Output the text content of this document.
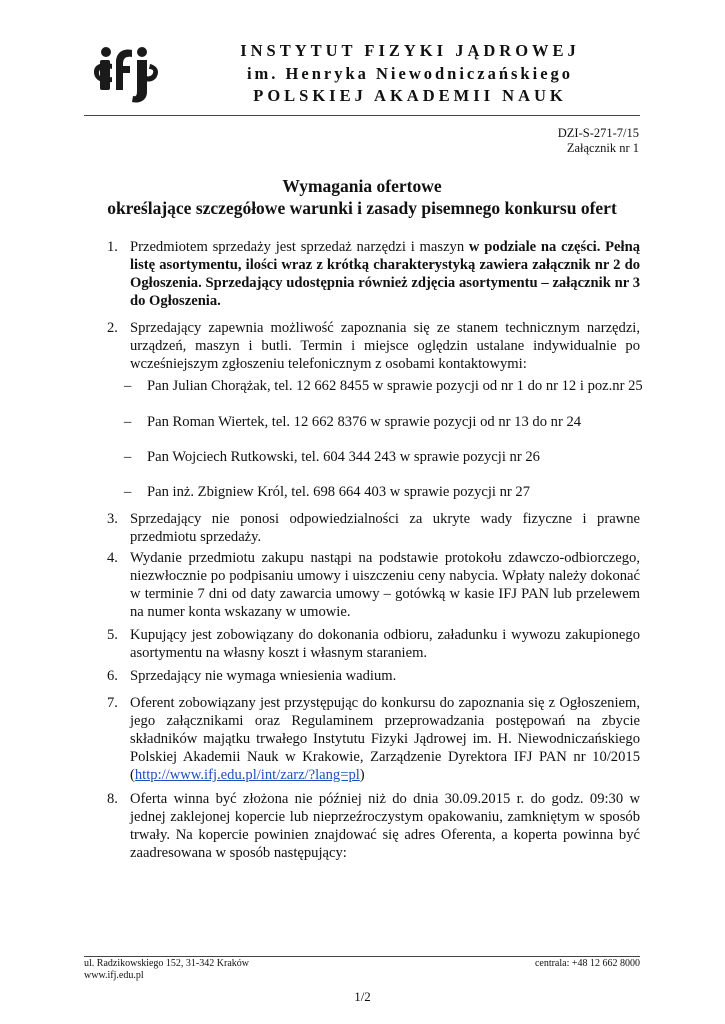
INSTYTUT FIZYKI JĄDROWEJ
im. Henryka Niewodniczańskiego
POLSKIEJ AKADEMII NAUK
DZI-S-271-7/15
Załącznik nr 1
Wymagania ofertowe
określające szczegółowe warunki i zasady pisemnego konkursu ofert
1. Przedmiotem sprzedaży jest sprzedaż narzędzi i maszyn w podziale na części. Pełną listę asortymentu, ilości wraz z krótką charakterystyką zawiera załącznik nr 2 do Ogłoszenia. Sprzedający udostępnia również zdjęcia asortymentu – załącznik nr 3 do Ogłoszenia.
2. Sprzedający zapewnia możliwość zapoznania się ze stanem technicznym narzędzi, urządzeń, maszyn i butli. Termin i miejsce oględzin ustalane indywidualnie po wcześniejszym zgłoszeniu telefonicznym z osobami kontaktowymi:
– Pan Julian Chorążak, tel. 12 662 8455 w sprawie pozycji od nr 1 do nr 12 i poz.nr 25
– Pan Roman Wiertek, tel. 12 662 8376 w sprawie pozycji od nr 13 do nr 24
– Pan Wojciech Rutkowski, tel. 604 344 243 w sprawie pozycji nr 26
– Pan inż. Zbigniew Król, tel. 698 664 403 w sprawie pozycji nr 27
3. Sprzedający nie ponosi odpowiedzialności za ukryte wady fizyczne i prawne przedmiotu sprzedaży.
4. Wydanie przedmiotu zakupu nastąpi na podstawie protokołu zdawczo-odbiorczego, niezwłocznie po podpisaniu umowy i uiszczeniu ceny nabycia. Wpłaty należy dokonać w terminie 7 dni od daty zawarcia umowy – gotówką w kasie IFJ PAN lub przelewem na numer konta wskazany w umowie.
5. Kupujący jest zobowiązany do dokonania odbioru, załadunku i wywozu zakupionego asortymentu na własny koszt i własnym staraniem.
6. Sprzedający nie wymaga wniesienia wadium.
7. Oferent zobowiązany jest przystępując do konkursu do zapoznania się z Ogłoszeniem, jego załącznikami oraz Regulaminem przeprowadzania postępowań na zbycie składników majątku trwałego Instytutu Fizyki Jądrowej im. H. Niewodniczańskiego Polskiej Akademii Nauk w Krakowie, Zarządzenie Dyrektora IFJ PAN nr 10/2015 (http://www.ifj.edu.pl/int/zarz/?lang=pl)
8. Oferta winna być złożona nie później niż do dnia 30.09.2015 r. do godz. 09:30 w jednej zaklejonej kopercie lub nieprzeźroczystym opakowaniu, zamkniętym w sposób trwały. Na kopercie powinien znajdować się adres Oferenta, a koperta powinna być zaadresowana w sposób następujący:
ul. Radzikowskiego 152, 31-342 Kraków
www.ifj.edu.pl
centrala: +48 12 662 8000
1/2
